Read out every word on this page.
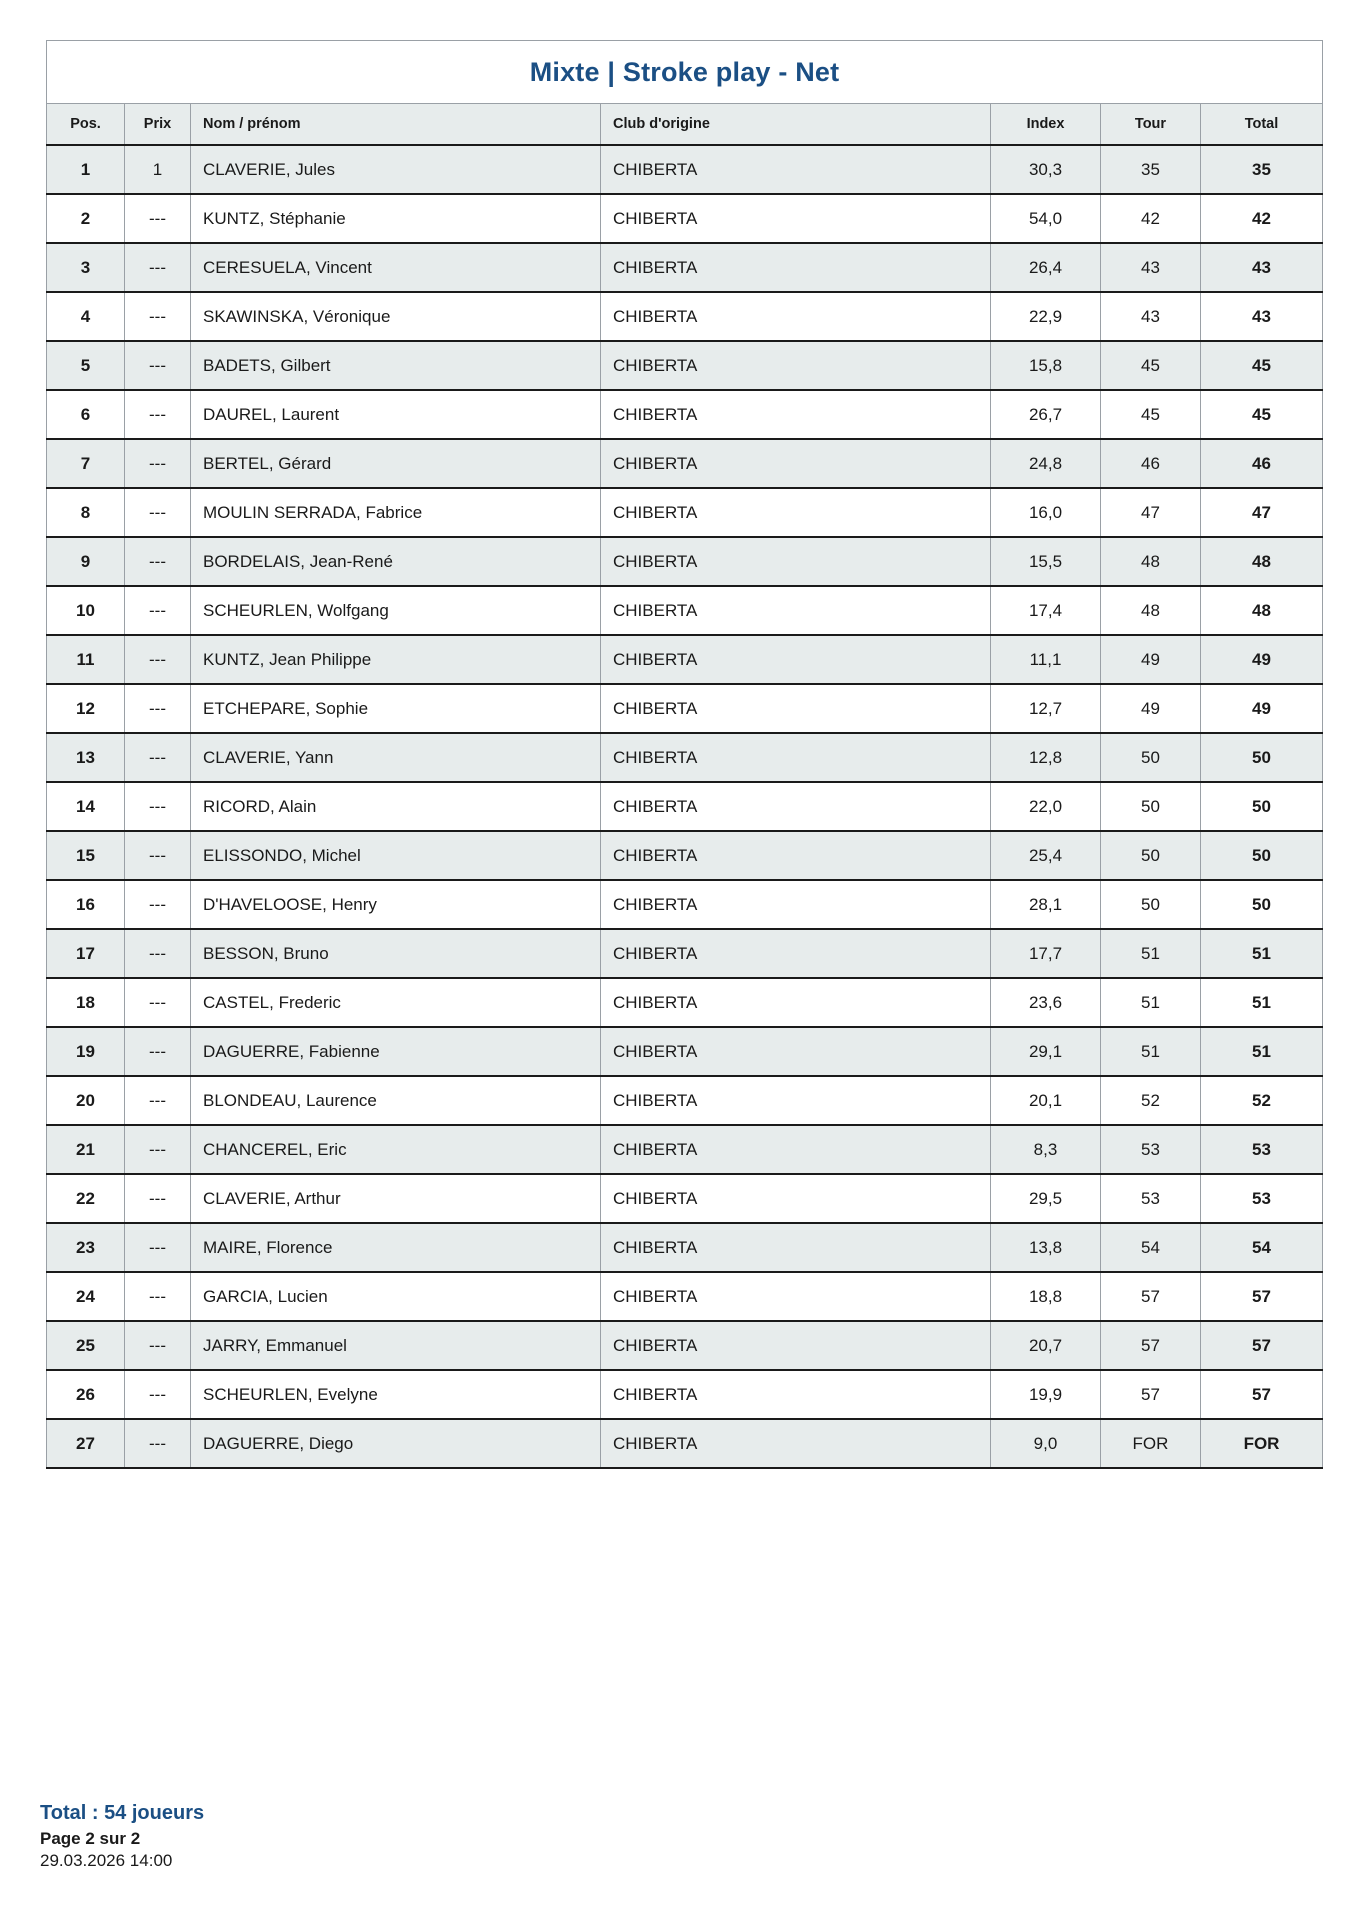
Mixte | Stroke play - Net						

Pos.	Prix	Nom / prénom	Club d'origine	Index	Tour	Total
1	1	CLAVERIE, Jules	CHIBERTA	30,3	35	35
2	---	KUNTZ, Stéphanie	CHIBERTA	54,0	42	42
3	---	CERESUELA, Vincent	CHIBERTA	26,4	43	43
4	---	SKAWINSKA, Véronique	CHIBERTA	22,9	43	43
5	---	BADETS, Gilbert	CHIBERTA	15,8	45	45
6	---	DAUREL, Laurent	CHIBERTA	26,7	45	45
7	---	BERTEL, Gérard	CHIBERTA	24,8	46	46
8	---	MOULIN SERRADA, Fabrice	CHIBERTA	16,0	47	47
9	---	BORDELAIS, Jean-René	CHIBERTA	15,5	48	48
10	---	SCHEURLEN, Wolfgang	CHIBERTA	17,4	48	48
11	---	KUNTZ, Jean Philippe	CHIBERTA	11,1	49	49
12	---	ETCHEPARE, Sophie	CHIBERTA	12,7	49	49
13	---	CLAVERIE, Yann	CHIBERTA	12,8	50	50
14	---	RICORD, Alain	CHIBERTA	22,0	50	50
15	---	ELISSONDO, Michel	CHIBERTA	25,4	50	50
16	---	D'HAVELOOSE, Henry	CHIBERTA	28,1	50	50
17	---	BESSON, Bruno	CHIBERTA	17,7	51	51
18	---	CASTEL, Frederic	CHIBERTA	23,6	51	51
19	---	DAGUERRE, Fabienne	CHIBERTA	29,1	51	51
20	---	BLONDEAU, Laurence	CHIBERTA	20,1	52	52
21	---	CHANCEREL, Eric	CHIBERTA	8,3	53	53
22	---	CLAVERIE, Arthur	CHIBERTA	29,5	53	53
23	---	MAIRE, Florence	CHIBERTA	13,8	54	54
24	---	GARCIA, Lucien	CHIBERTA	18,8	57	57
25	---	JARRY, Emmanuel	CHIBERTA	20,7	57	57
26	---	SCHEURLEN, Evelyne	CHIBERTA	19,9	57	57
27	---	DAGUERRE, Diego	CHIBERTA	9,0	FOR	FOR
Total : 54 joueurs
Page 2 sur 2
29.03.2026 14:00
